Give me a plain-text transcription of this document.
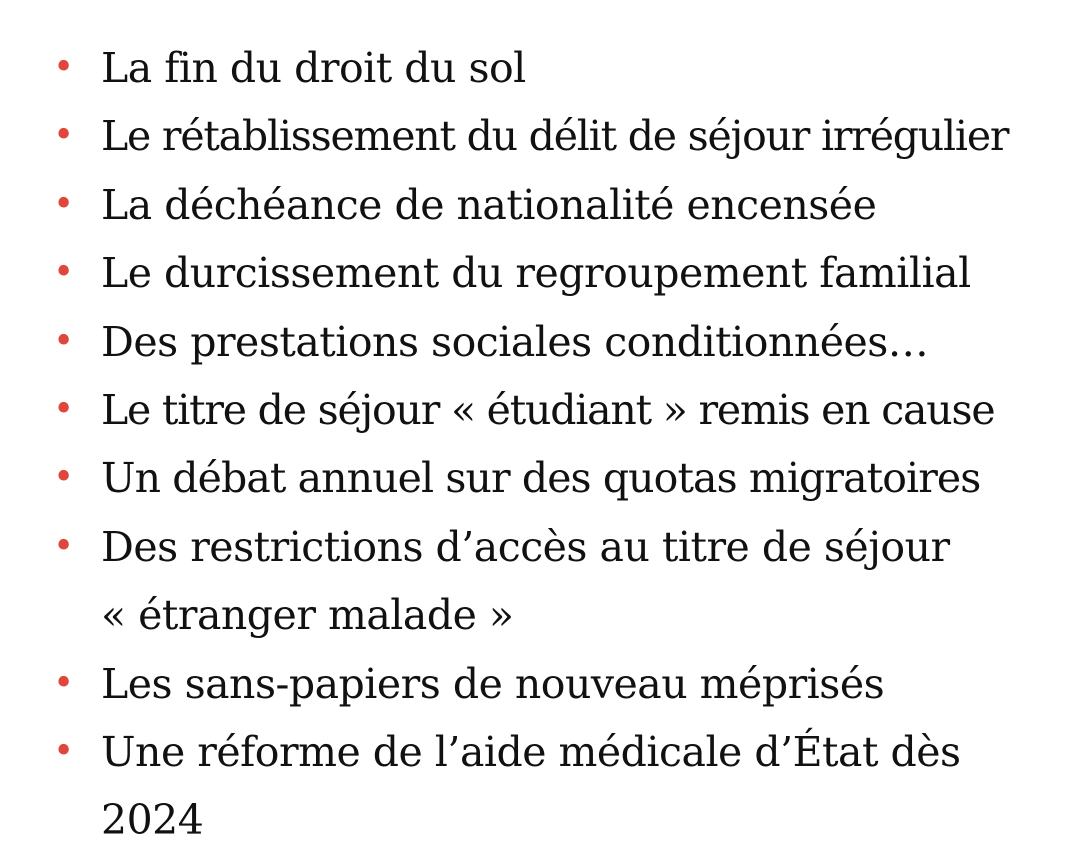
• La fin du droit du sol
• Le rétablissement du délit de séjour irrégulier
• La déchéance de nationalité encensée
• Le durcissement du regroupement familial
• Des prestations sociales conditionnées…
• Le titre de séjour « étudiant » remis en cause
• Un débat annuel sur des quotas migratoires
• Des restrictions d’accès au titre de séjour « étranger malade »
• Les sans-papiers de nouveau méprisés
• Une réforme de l’aide médicale d’État dès 2024
